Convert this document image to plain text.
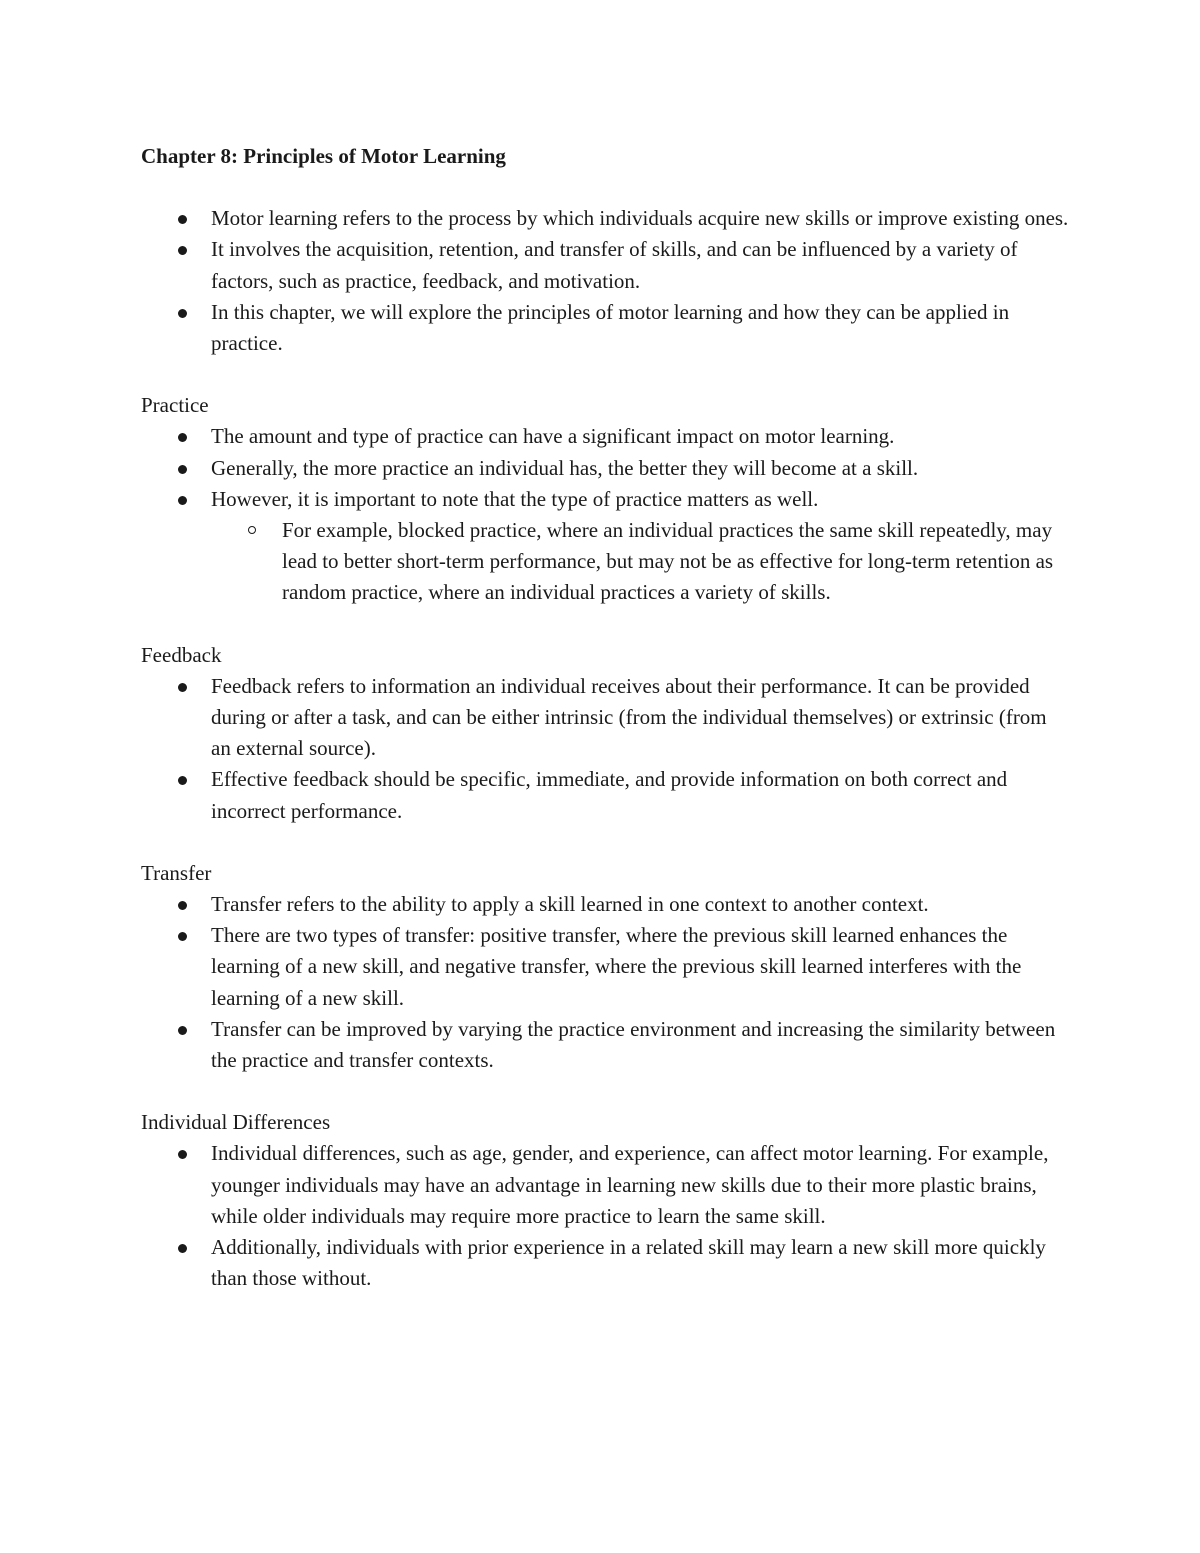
Chapter 8: Principles of Motor Learning
Motor learning refers to the process by which individuals acquire new skills or improve existing ones.
It involves the acquisition, retention, and transfer of skills, and can be influenced by a variety of factors, such as practice, feedback, and motivation.
In this chapter, we will explore the principles of motor learning and how they can be applied in practice.
Practice
The amount and type of practice can have a significant impact on motor learning.
Generally, the more practice an individual has, the better they will become at a skill.
However, it is important to note that the type of practice matters as well.
For example, blocked practice, where an individual practices the same skill repeatedly, may lead to better short-term performance, but may not be as effective for long-term retention as random practice, where an individual practices a variety of skills.
Feedback
Feedback refers to information an individual receives about their performance. It can be provided during or after a task, and can be either intrinsic (from the individual themselves) or extrinsic (from an external source).
Effective feedback should be specific, immediate, and provide information on both correct and incorrect performance.
Transfer
Transfer refers to the ability to apply a skill learned in one context to another context.
There are two types of transfer: positive transfer, where the previous skill learned enhances the learning of a new skill, and negative transfer, where the previous skill learned interferes with the learning of a new skill.
Transfer can be improved by varying the practice environment and increasing the similarity between the practice and transfer contexts.
Individual Differences
Individual differences, such as age, gender, and experience, can affect motor learning. For example, younger individuals may have an advantage in learning new skills due to their more plastic brains, while older individuals may require more practice to learn the same skill.
Additionally, individuals with prior experience in a related skill may learn a new skill more quickly than those without.
